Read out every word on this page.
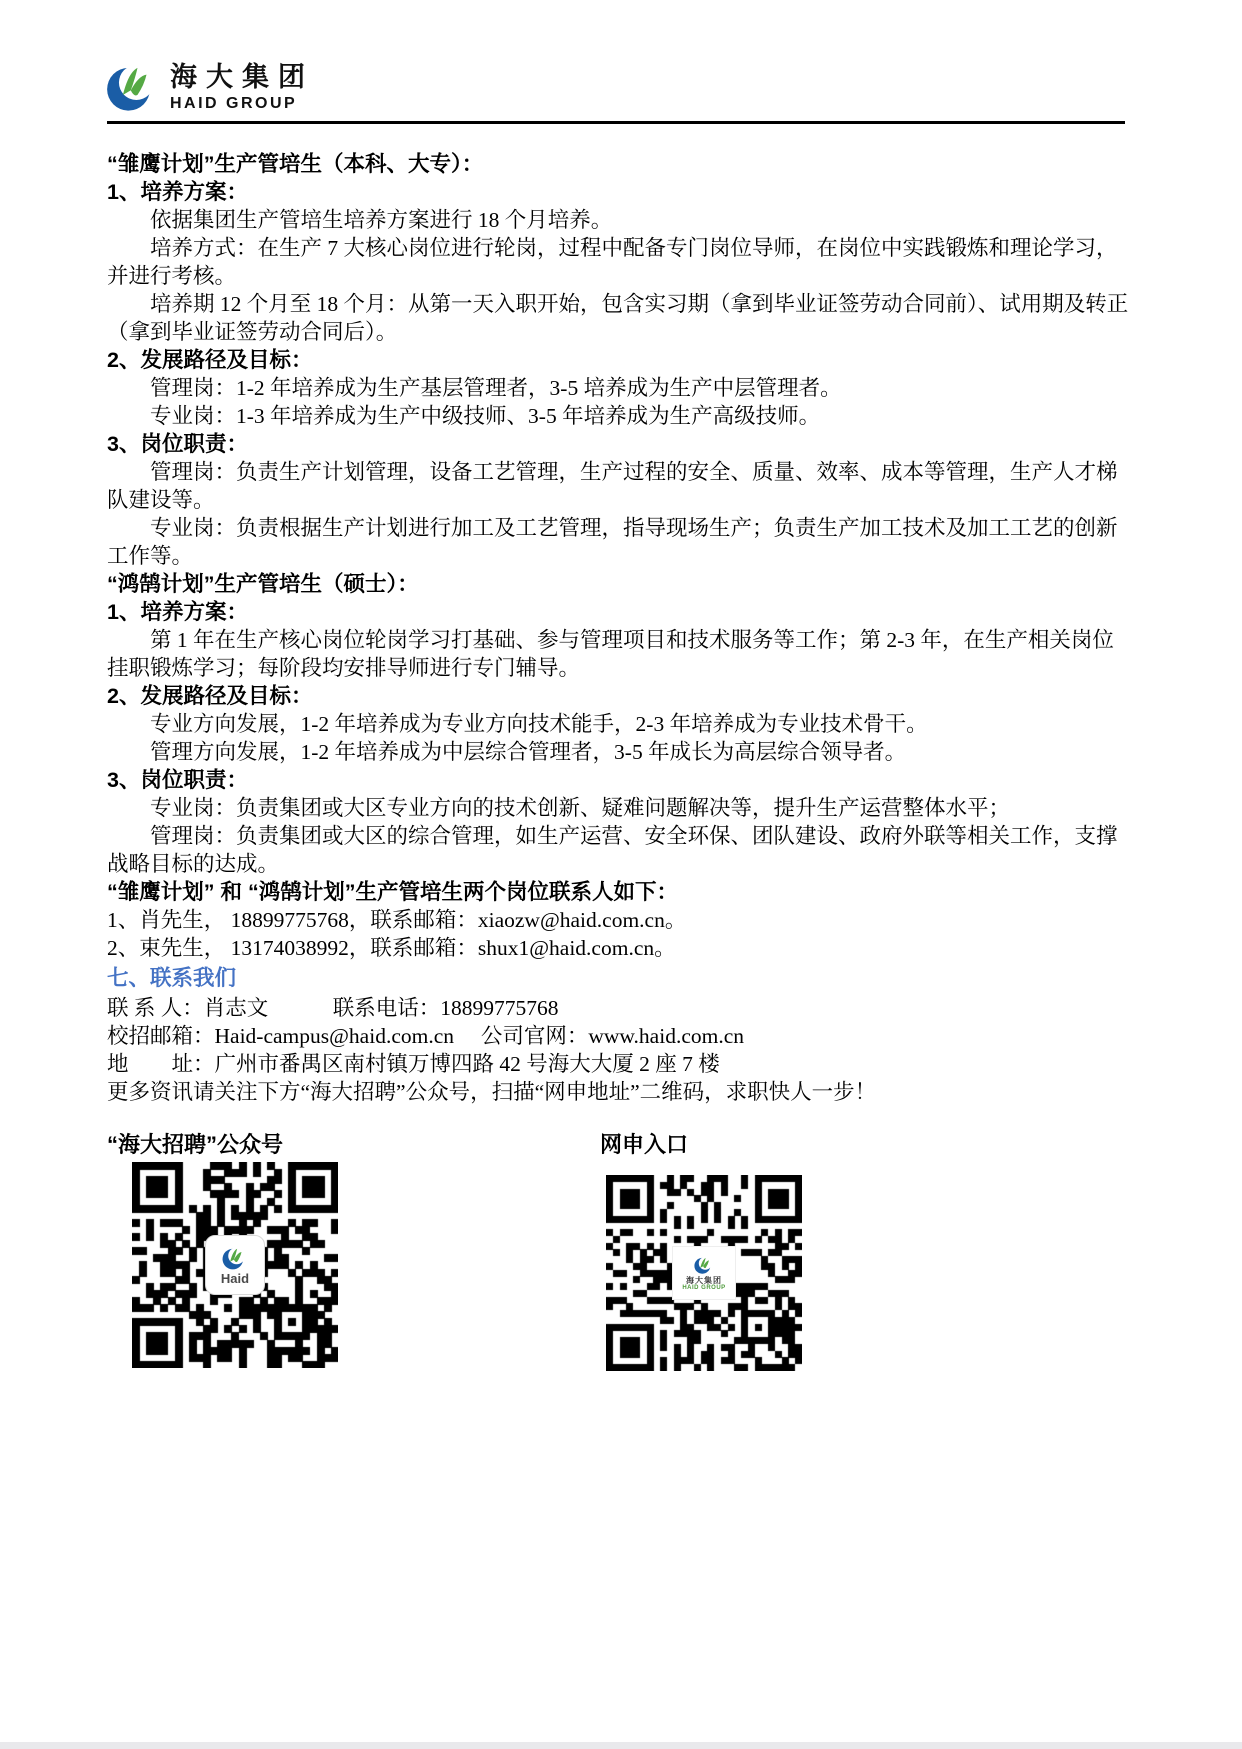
海大集团
HAID GROUP
“雏鹰计划”生产管培生（本科、大专）：
1、培养方案：

依据集团生产管培生培养方案进行 18 个月培养。

培养方式：在生产 7 大核心岗位进行轮岗，过程中配备专门岗位导师，在岗位中实践锻炼和理论学习，并进行考核。

培养期 12 个月至 18 个月：从第一天入职开始，包含实习期（拿到毕业证签劳动合同前）、试用期及转正（拿到毕业证签劳动合同后）。

2、发展路径及目标：

管理岗：1-2 年培养成为生产基层管理者，3-5 培养成为生产中层管理者。

专业岗：1-3 年培养成为生产中级技师、3-5 年培养成为生产高级技师。

3、岗位职责：

管理岗：负责生产计划管理，设备工艺管理，生产过程的安全、质量、效率、成本等管理，生产人才梯队建设等。

专业岗：负责根据生产计划进行加工及工艺管理，指导现场生产；负责生产加工技术及加工工艺的创新工作等。

“鸿鹄计划”生产管培生（硕士）：
1、培养方案：

第 1 年在生产核心岗位轮岗学习打基础、参与管理项目和技术服务等工作；第 2-3 年，在生产相关岗位挂职锻炼学习；每阶段均安排导师进行专门辅导。

2、发展路径及目标：

专业方向发展，1-2 年培养成为专业方向技术能手，2-3 年培养成为专业技术骨干。

管理方向发展，1-2 年培养成为中层综合管理者，3-5 年成长为高层综合领导者。

3、岗位职责：

专业岗：负责集团或大区专业方向的技术创新、疑难问题解决等，提升生产运营整体水平；

管理岗：负责集团或大区的综合管理，如生产运营、安全环保、团队建设、政府外联等相关工作，支撑战略目标的达成。

“雏鹰计划” 和 “鸿鹄计划”生产管培生两个岗位联系人如下：

1、肖先生， 18899775768，联系邮箱：xiaozw@haid.com.cn。

2、束先生， 13174038992，联系邮箱：shux1@haid.com.cn。

七、联系我们

联 系 人：肖志文　　　联系电话：18899775768

校招邮箱：Haid-campus@haid.com.cn　 公司官网：www.haid.com.cn

地　　址：广州市番禺区南村镇万博四路 42 号海大大厦 2 座 7 楼

更多资讯请关注下方“海大招聘”公众号，扫描“网申地址”二维码，求职快人一步！

“海大招聘”公众号
Haid
网申入口
海大集团
HAID GROUP
